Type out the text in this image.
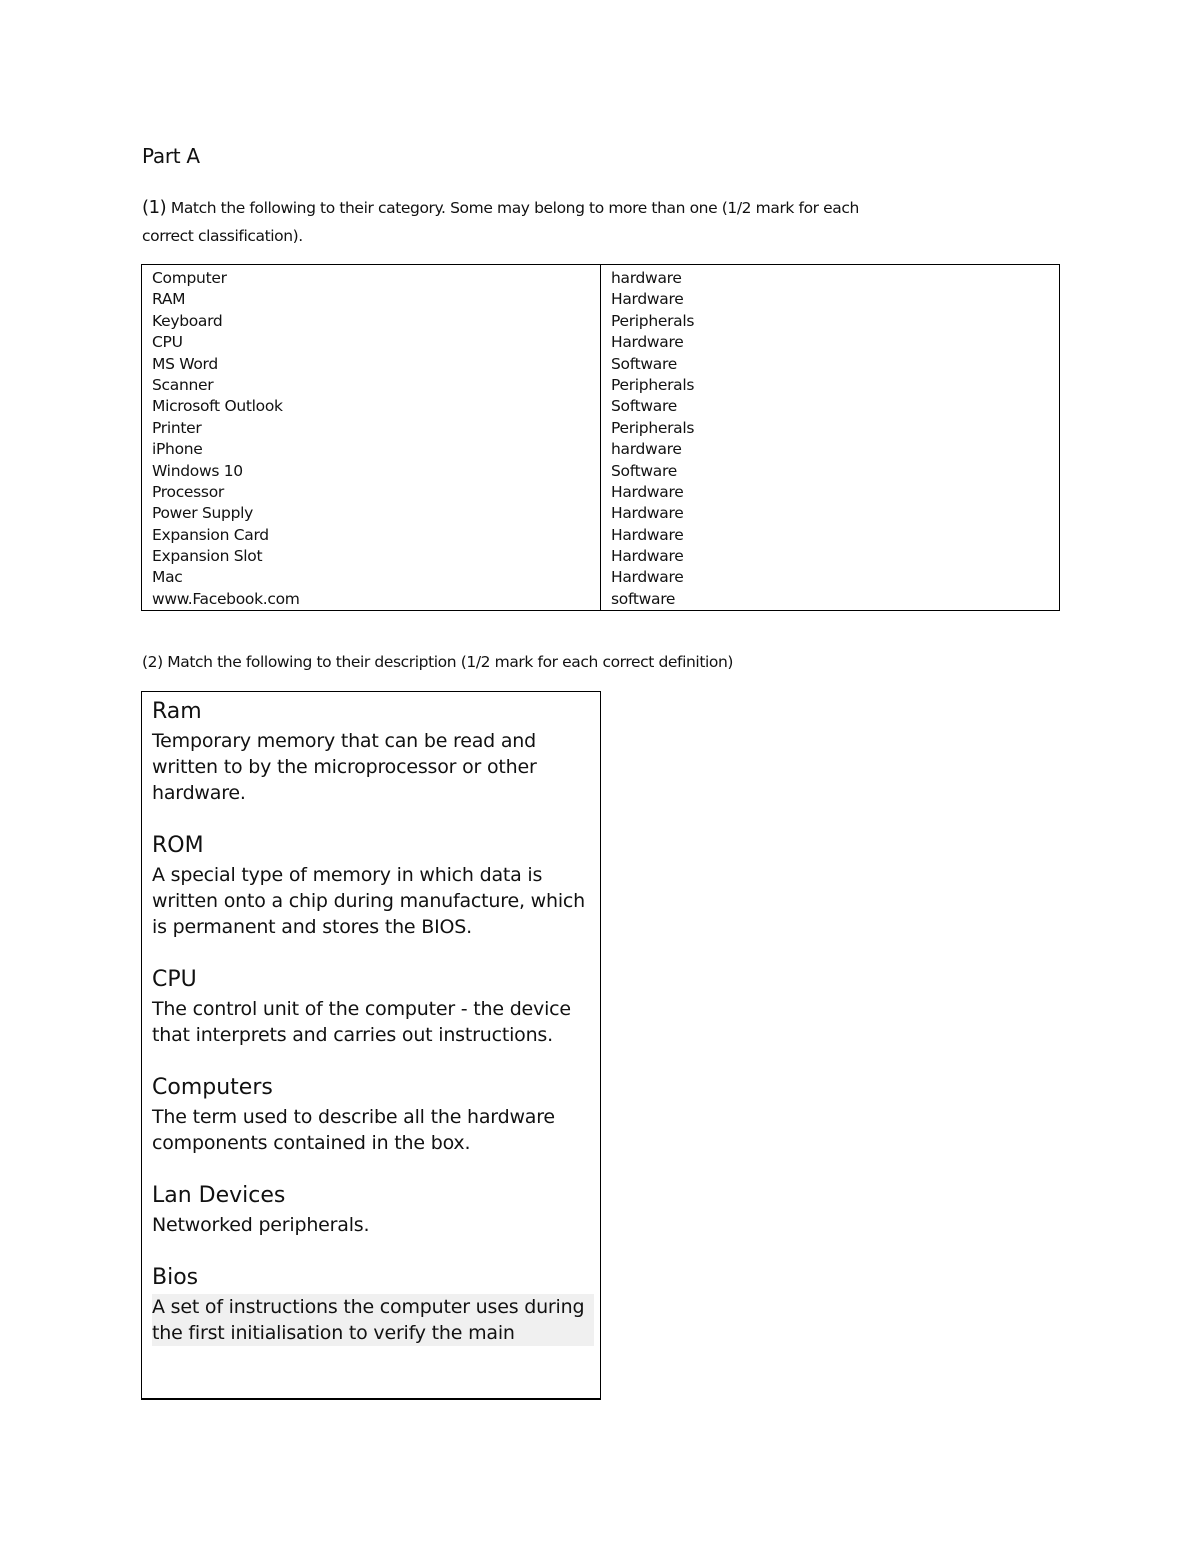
Part A
(1) Match the following to their category. Some may belong to more than one (1/2 mark for each correct classification).
Computer
RAM
Keyboard
CPU
MS Word
Scanner
Microsoft Outlook
Printer
iPhone
Windows 10
Processor
Power Supply
Expansion Card
Expansion Slot
Mac
www.Facebook.com
hardware
Hardware
Peripherals
Hardware
Software
Peripherals
Software
Peripherals
hardware
Software
Hardware
Hardware
Hardware
Hardware
Hardware
software
(2) Match the following to their description (1/2 mark for each correct definition)
Ram
Temporary memory that can be read and written to by the microprocessor or other hardware.
ROM
A special type of memory in which data is written onto a chip during manufacture, which is permanent and stores the BIOS.
CPU
The control unit of the computer - the device that interprets and carries out instructions.
Computers
The term used to describe all the hardware components contained in the box.
Lan Devices
Networked peripherals.
Bios
A set of instructions the computer uses during the first initialisation to verify the main
